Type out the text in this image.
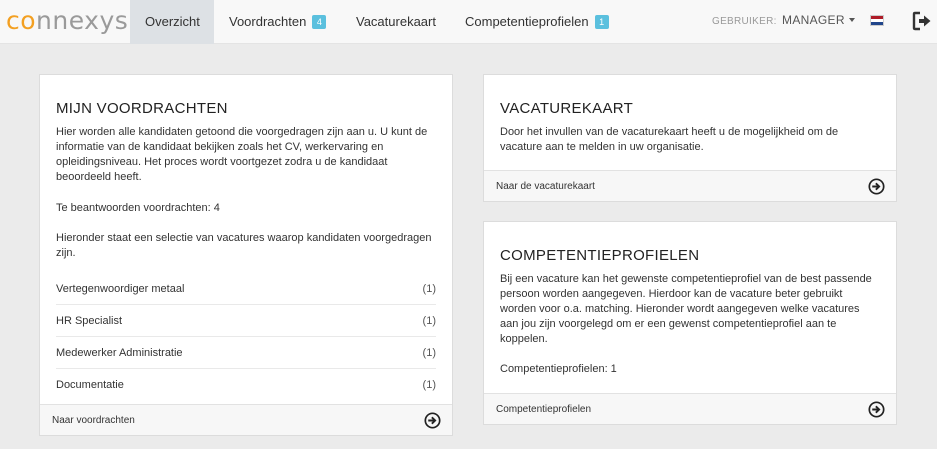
connexys	Overzicht	Voordrachten 4	Vacaturekaart	Competentieprofielen 1	GEBRUIKER: MANAGER
MIJN VOORDRACHTEN

Hier worden alle kandidaten getoond die voorgedragen zijn aan u. U kunt de informatie van de kandidaat bekijken zoals het CV, werkervaring en opleidingsniveau. Het proces wordt voortgezet zodra u de kandidaat beoordeeld heeft.

Te beantwoorden voordrachten: 4

Hieronder staat een selectie van vacatures waarop kandidaten voorgedragen zijn.

Vertegenwoordiger metaal	(1)
HR Specialist	(1)
Medewerker Administratie	(1)
Documentatie	(1)
Naar voordrachten
VACATUREKAART

Door het invullen van de vacaturekaart heeft u de mogelijkheid om de vacature aan te melden in uw organisatie.

Naar de vacaturekaart
COMPETENTIEPROFIELEN

Bij een vacature kan het gewenste competentieprofiel van de best passende persoon worden aangegeven. Hierdoor kan de vacature beter gebruikt worden voor o.a. matching. Hieronder wordt aangegeven welke vacatures aan jou zijn voorgelegd om er een gewenst competentieprofiel aan te koppelen.

Competentieprofielen: 1

Competentieprofielen
